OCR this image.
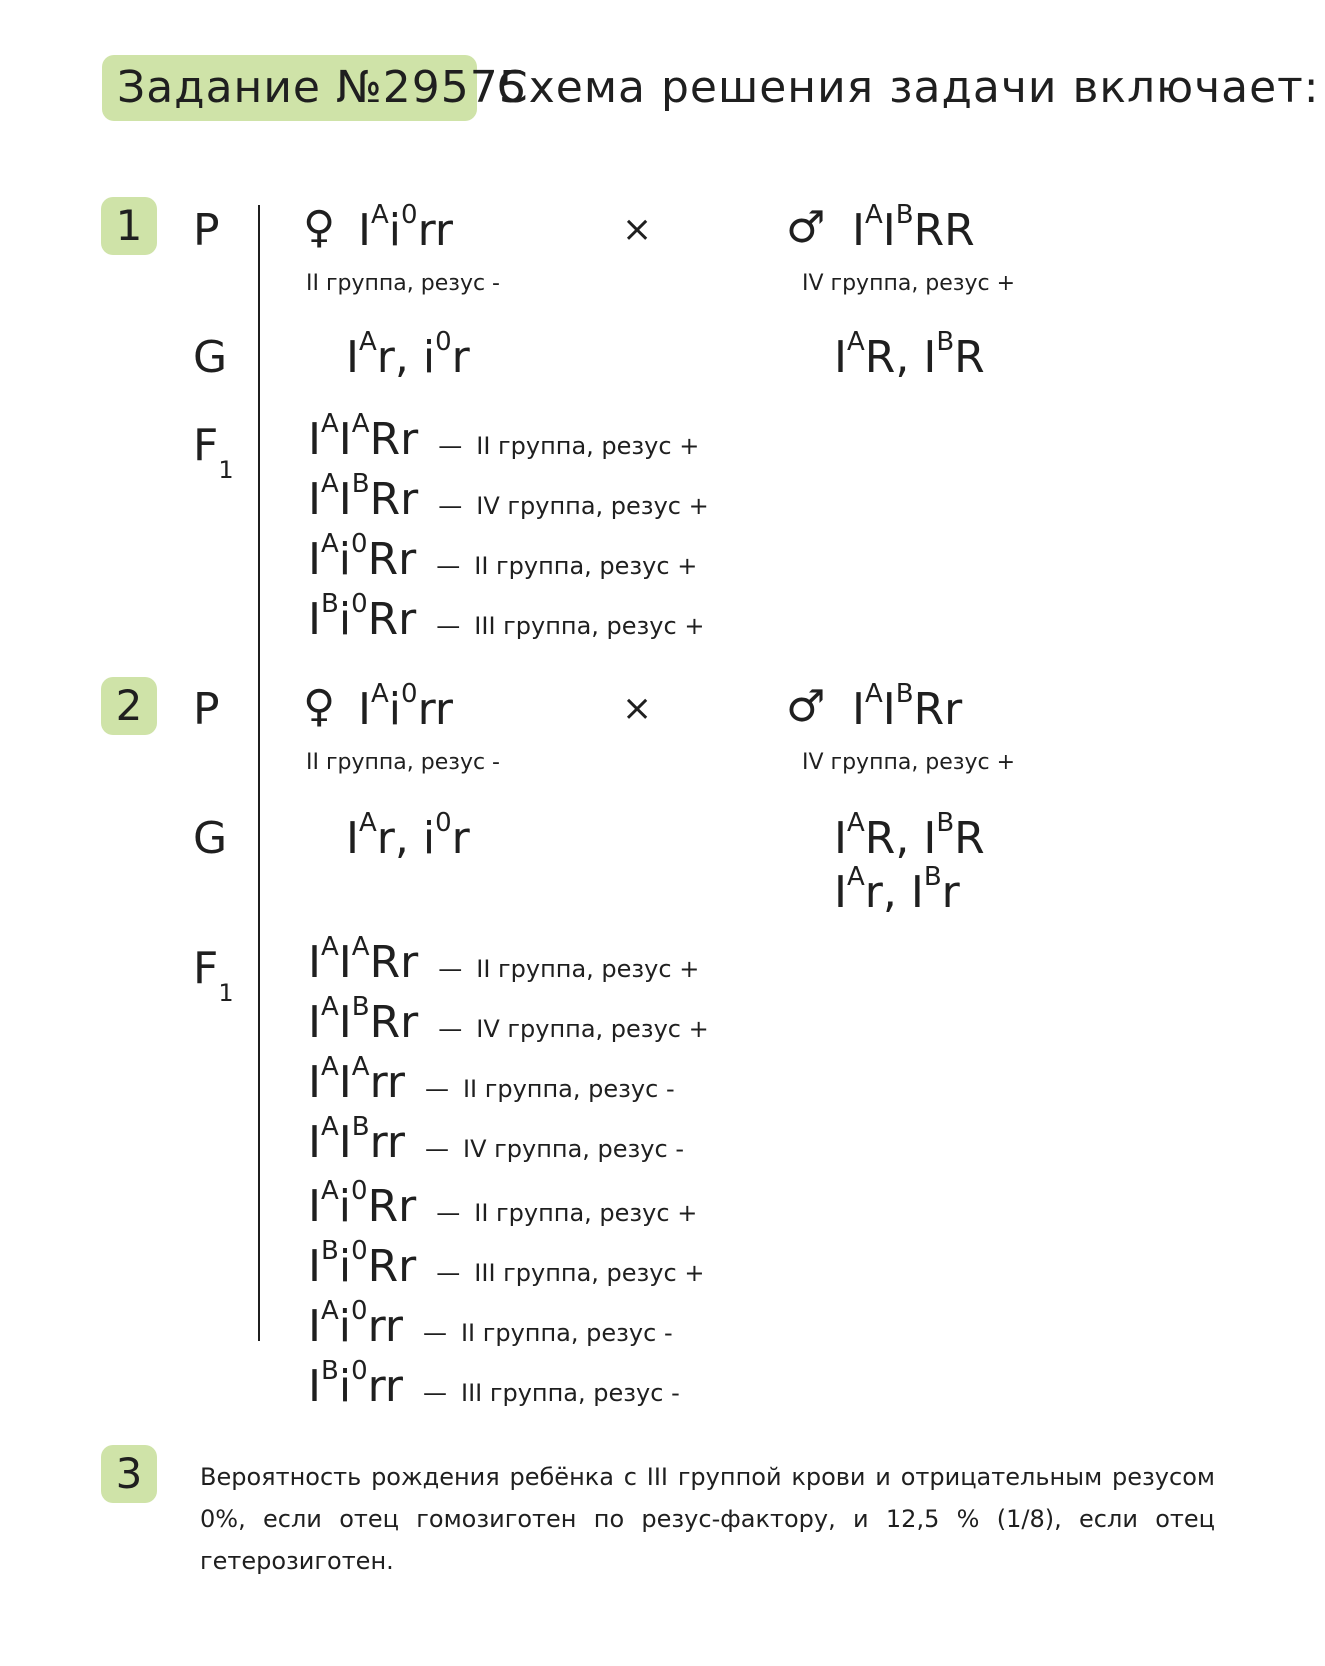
Задание №29575
Схема решения задачи включает:
1	P ♀ $I^Ai^0rr$
II группа, резус -
×	♂ $I^AI^BRR$
IV группа, резус +
G	$I^Ar$, $i^0r$	$I^AR$, $I^BR$
$F_1$
$I^AI^ARr$ — II группа, резус +
$I^AI^BRr$ — IV группа, резус +
$I^Ai^0Rr$ — II группа, резус +
$I^Bi^0Rr$ — III группа, резус +
2	P ♀ $I^Ai^0rr$
II группа, резус -
×	♂ $I^AI^BRr$
IV группа, резус +
G	$I^Ar$, $i^0r$	$I^AR$, $I^BR$
$I^Ar$, $I^Br$
$F_1$
$I^AI^ARr$ — II группа, резус +
$I^AI^BRr$ — IV группа, резус +
$I^AI^Arr$ — II группа, резус -
$I^AI^Brr$ — IV группа, резус -
$I^Ai^0Rr$ — II группа, резус +
$I^Bi^0Rr$ — III группа, резус +
$I^Ai^0rr$ — II группа, резус -
$I^Bi^0rr$ — III группа, резус -
3	Вероятность рождения ребёнка с III группой крови и отрицательным резусом 0%, если отец гомозиготен по резус-фактору, и 12,5 % (1/8), если отец гетерозиготен.
